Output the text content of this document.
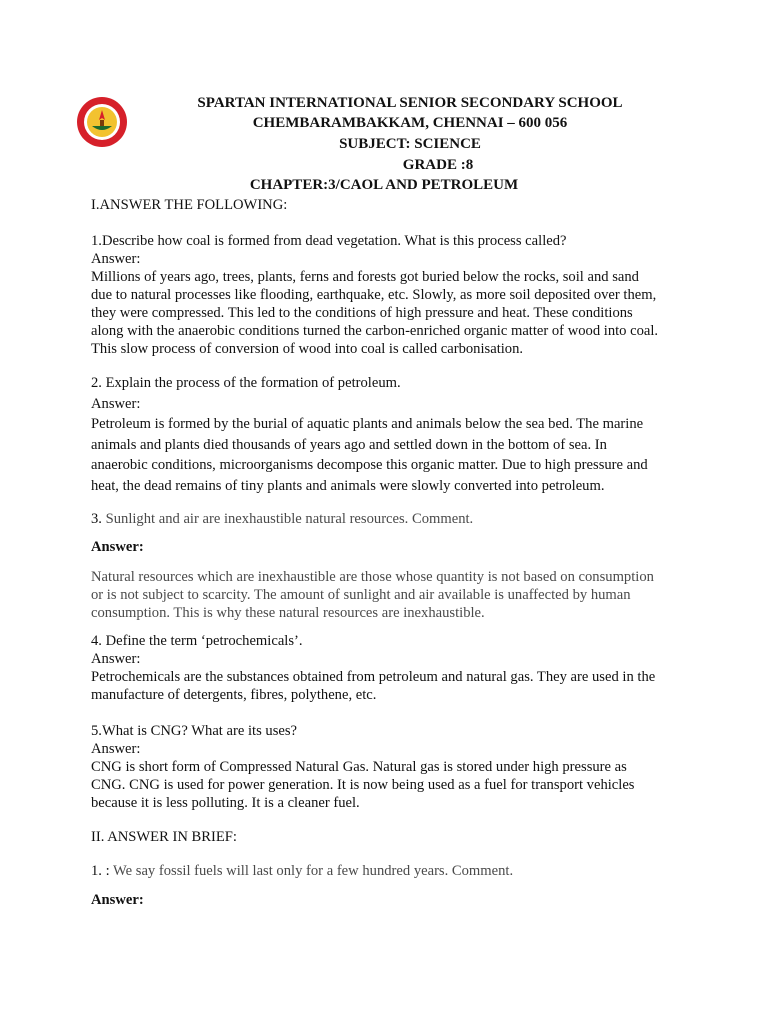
SPARTAN INTERNATIONAL SENIOR SECONDARY SCHOOL
CHEMBARAMBAKKAM, CHENNAI – 600 056
SUBJECT: SCIENCE
GRADE :8
CHAPTER:3/CAOL AND PETROLEUM

I.ANSWER THE FOLLOWING:

1.Describe how coal is formed from dead vegetation. What is this process called?

Answer:

Millions of years ago, trees, plants, ferns and forests got buried below the rocks, soil and sand

due to natural processes like flooding, earthquake, etc. Slowly, as more soil deposited over them,

they were compressed. This led to the conditions of high pressure and heat. These conditions

along with the anaerobic conditions turned the carbon-enriched organic matter of wood into coal.

This slow process of conversion of wood into coal is called carbonisation.

2. Explain the process of the formation of petroleum.

Answer:

Petroleum is formed by the burial of aquatic plants and animals below the sea bed. The marine

animals and plants died thousands of years ago and settled down in the bottom of sea. In

anaerobic conditions, microorganisms decompose this organic matter. Due to high pressure and

heat, the dead remains of tiny plants and animals were slowly converted into petroleum.

3. Sunlight and air are inexhaustible natural resources. Comment.
Answer:

Natural resources which are inexhaustible are those whose quantity is not based on consumption

or is not subject to scarcity. The amount of sunlight and air available is unaffected by human

consumption. This is why these natural resources are inexhaustible.

4. Define the term ‘petrochemicals’.

Answer:

Petrochemicals are the substances obtained from petroleum and natural gas. They are used in the

manufacture of detergents, fibres, polythene, etc.

5.What is CNG? What are its uses?

Answer:

CNG is short form of Compressed Natural Gas. Natural gas is stored under high pressure as

CNG. CNG is used for power generation. It is now being used as a fuel for transport vehicles

because it is less polluting. It is a cleaner fuel.

II. ANSWER IN BRIEF:
1. : We say fossil fuels will last only for a few hundred years. Comment.
Answer:
